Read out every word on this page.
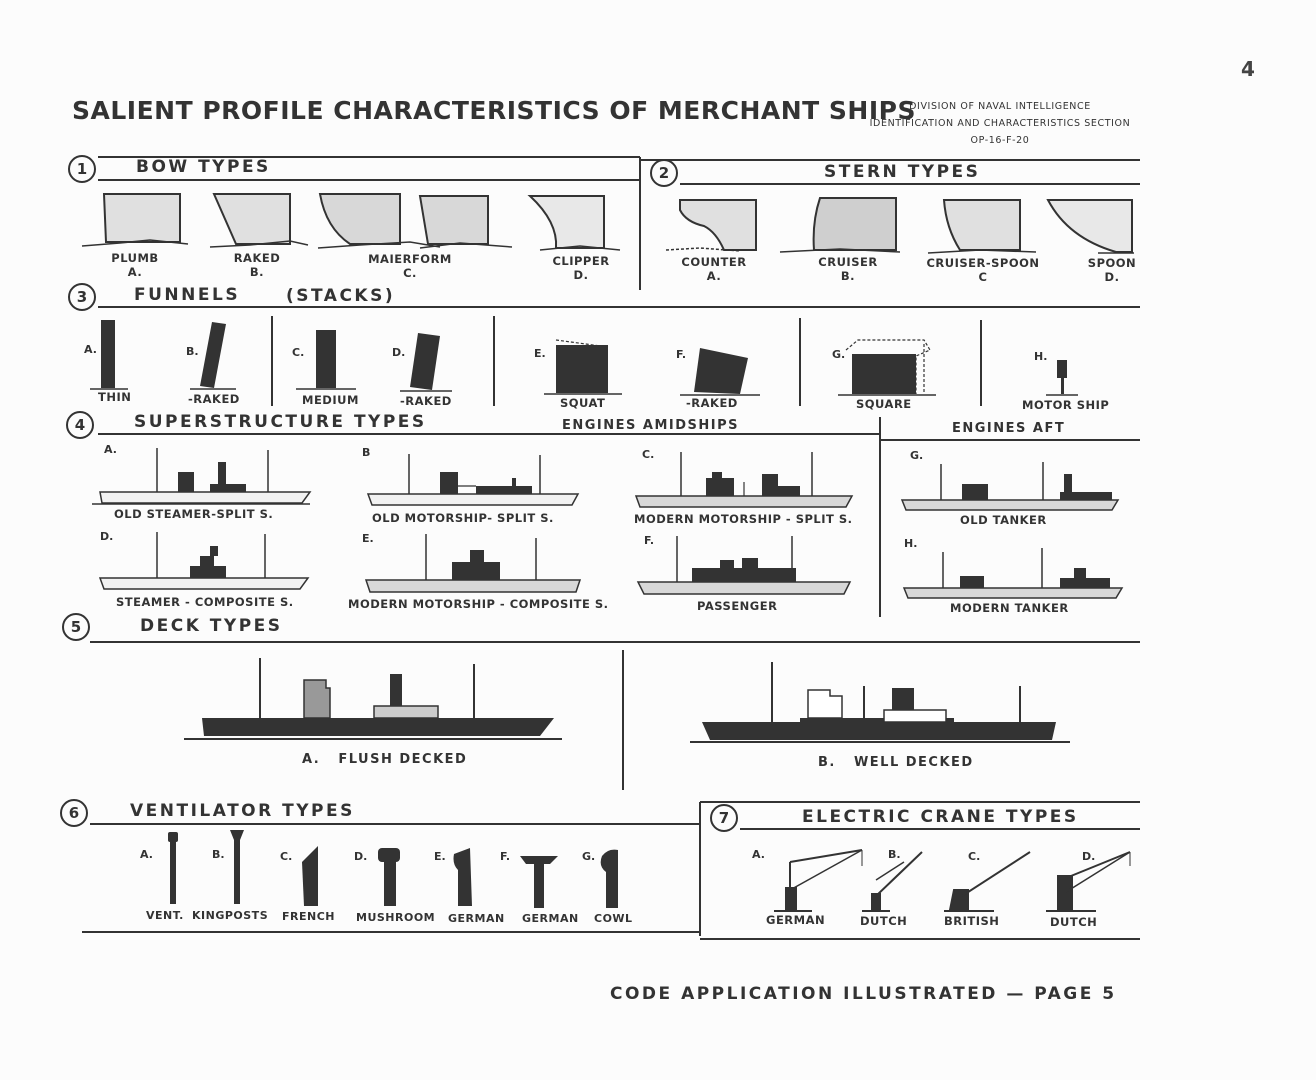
4
SALIENT PROFILE CHARACTERISTICS OF MERCHANT SHIPS
DIVISION OF NAVAL INTELLIGENCE
IDENTIFICATION AND CHARACTERISTICS SECTION
OP-16-F-20
1	BOW TYPES
PLUMB
A.
RAKED
B.
MAIERFORM
C.
CLIPPER
D.
2	STERN TYPES
COUNTER
A.
CRUISER
B.
CRUISER-SPOON
C
SPOON
D.
3	FUNNELS	(STACKS)
A.	B.	C.	D.	E.	F.	G.	H.
THIN	-RAKED	MEDIUM	-RAKED	SQUAT	-RAKED	SQUARE	MOTOR SHIP
4	SUPERSTRUCTURE TYPES	ENGINES AMIDSHIPS	ENGINES AFT
A.	B	C.	G.
D.	E.	F.	H.
OLD STEAMER-SPLIT S.	OLD MOTORSHIP- SPLIT S.	MODERN MOTORSHIP - SPLIT S.	OLD TANKER
STEAMER - COMPOSITE S.	MODERN MOTORSHIP - COMPOSITE S.	PASSENGER	MODERN TANKER
5	DECK TYPES
A. FLUSH DECKED	B. WELL DECKED
6	VENTILATOR TYPES
A.	B.	C.	D.	E.	F.	G.
VENT. KINGPOSTS FRENCH MUSHROOM GERMAN GERMAN COWL
7	ELECTRIC CRANE TYPES
A.	B.	C.	D.
GERMAN	DUTCH	BRITISH	DUTCH
CODE APPLICATION ILLUSTRATED — PAGE 5
